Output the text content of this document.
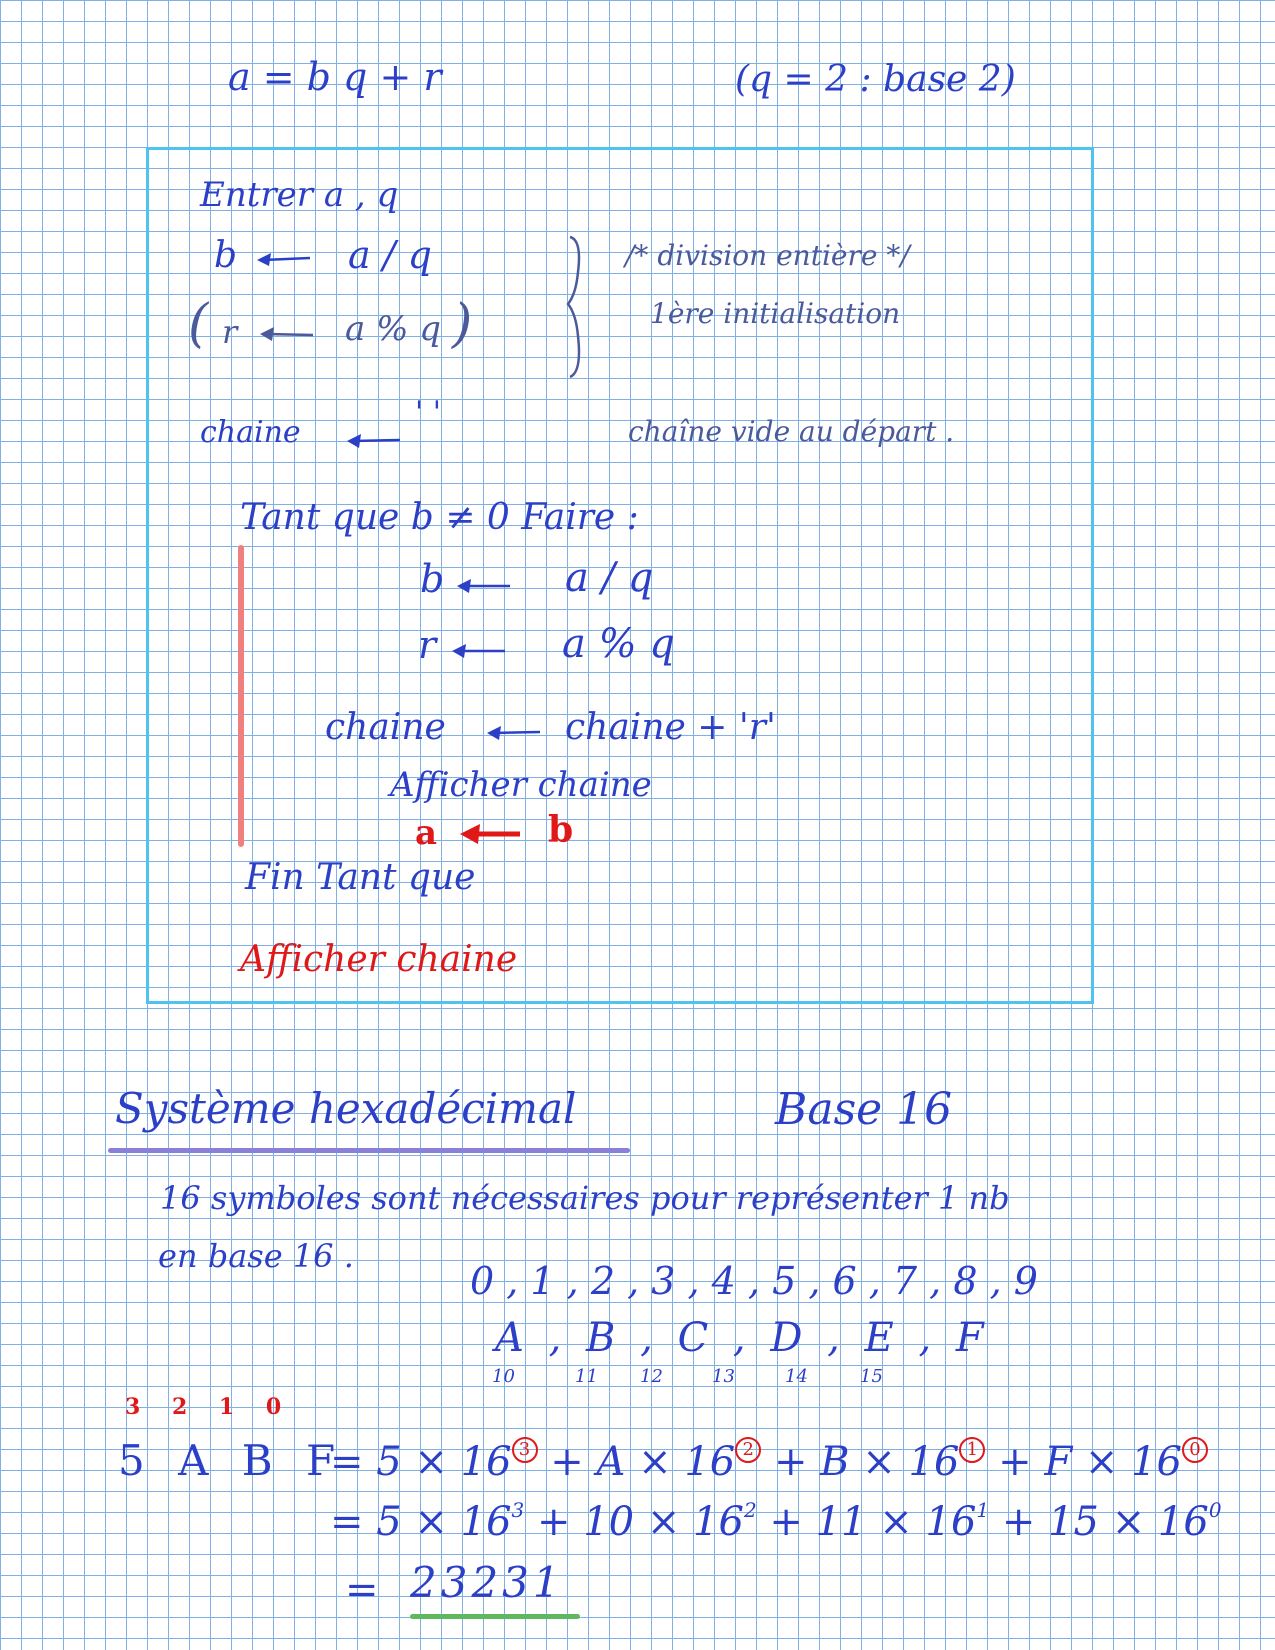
a = b q + r	(q = 2 : base 2)
Entrer a , q
b	a / q
( r	a % q )
/* division entière */
1ère initialisation
chaine
' '
chaîne vide au départ .
Tant que b ≠ 0 Faire :
b	a / q
r	a % q
chaine	chaine + 'r'
Afficher chaine
a	b
Fin Tant que
Afficher chaine
Système hexadécimal	Base 16
16 symboles sont nécessaires pour représenter 1 nb
en base 16 .
0 , 1 , 2 , 3 , 4 , 5 , 6 , 7 , 8 , 9
A , B , C , D , E , F
10	11 12	13	14	15
3 2 1 0
5 A B F
= 5 × 16 3 + A × 16 2 + B × 16 1 + F × 16 0
= $5 \times 16^3 + 10 \times 16^2 + 11 \times 16^1 + 15 \times 16^0$
= 23231
